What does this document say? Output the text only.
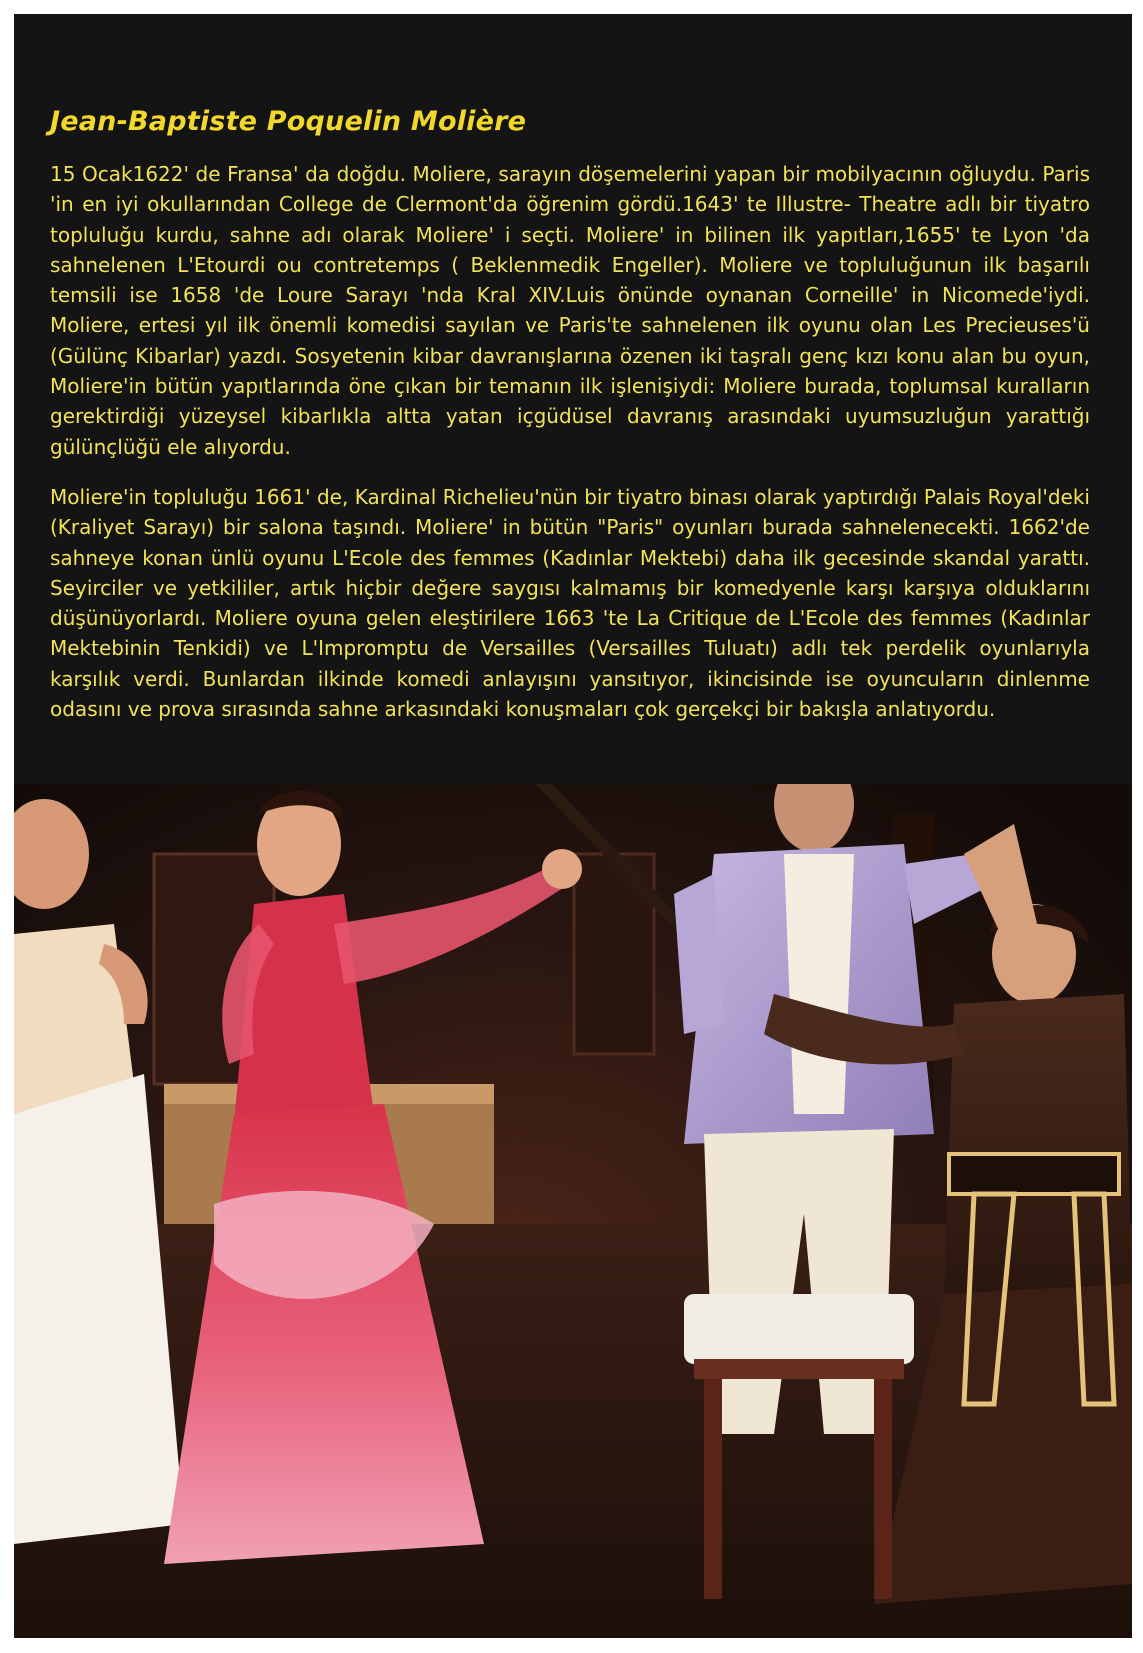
Jean-Baptiste Poquelin Molière

15 Ocak1622' de Fransa' da doğdu. Moliere, sarayın döşemelerini yapan bir mobilyacının oğluydu. Paris 'in en iyi okullarından College de Clermont'da öğrenim gördü.1643' te Illustre- Theatre adlı bir tiyatro topluluğu kurdu, sahne adı olarak Moliere' i seçti. Moliere' in bilinen ilk yapıtları,1655' te Lyon 'da sahnelenen L'Etourdi ou contretemps ( Beklenmedik Engeller). Moliere ve topluluğunun ilk başarılı temsili ise 1658 'de Loure Sarayı 'nda Kral XIV.Luis önünde oynanan Corneille' in Nicomede'iydi. Moliere, ertesi yıl ilk önemli komedisi sayılan ve Paris'te sahnelenen ilk oyunu olan Les Precieuses'ü (Gülünç Kibarlar) yazdı. Sosyetenin kibar davranışlarına özenen iki taşralı genç kızı konu alan bu oyun, Moliere'in bütün yapıtlarında öne çıkan bir temanın ilk işlenişiydi: Moliere burada, toplumsal kuralların gerektirdiği yüzeysel kibarlıkla altta yatan içgüdüsel davranış arasındaki uyumsuzluğun yarattığı gülünçlüğü ele alıyordu.

Moliere'in topluluğu 1661' de, Kardinal Richelieu'nün bir tiyatro binası olarak yaptırdığı Palais Royal'deki (Kraliyet Sarayı) bir salona taşındı. Moliere' in bütün "Paris" oyunları burada sahnelenecekti. 1662'de sahneye konan ünlü oyunu L'Ecole des femmes (Kadınlar Mektebi) daha ilk gecesinde skandal yarattı. Seyirciler ve yetkililer, artık hiçbir değere saygısı kalmamış bir komedyenle karşı karşıya olduklarını düşünüyorlardı. Moliere oyuna gelen eleştirilere 1663 'te La Critique de L'Ecole des femmes (Kadınlar Mektebinin Tenkidi) ve L'Impromptu de Versailles (Versailles Tuluatı) adlı tek perdelik oyunlarıyla karşılık verdi. Bunlardan ilkinde komedi anlayışını yansıtıyor, ikincisinde ise oyuncuların dinlenme odasını ve prova sırasında sahne arkasındaki konuşmaları çok gerçekçi bir bakışla anlatıyordu.
